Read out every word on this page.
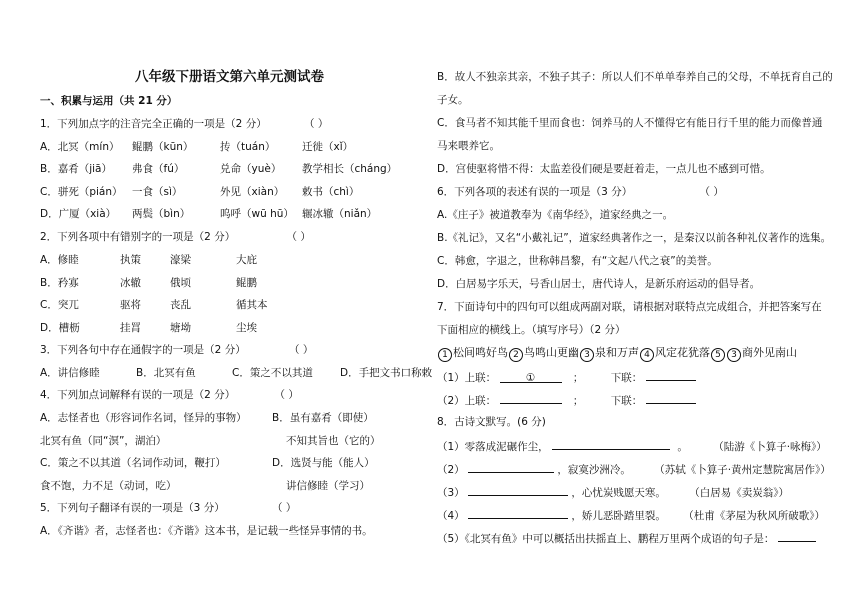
八年级下册语文第六单元测试卷
一、积累与运用（共 21 分）
1．下列加点字的注音完全正确的一项是（2 分）	（ ）
A．北冥（mín） 鲲鹏（kūn）	抟（tuán）	迁徙（xǐ）
B．嘉肴（jiā） 弗食（fú）	兑命（yuè） 教学相长（cháng）
C．骈死（pián） 一食（sì）	外见（xiàn） 敕书（chì）
D．广厦（xià） 两鬓（bìn）	呜呼（wū hū） 辗冰辙（niǎn）
2．下列各项中有错别字的一项是（2 分）	（ ）
A．修睦	执策	濠梁	大庇
B．矜寡	冰辙	俄顷	鲲鹏
C．突兀	驱将	丧乱	循其本
D．槽枥	挂罥	塘坳	尘埃
3．下列各句中存在通假字的一项是（2 分）	（ ）
A．讲信修睦	B．北冥有鱼	C．策之不以其道	D．手把文书口称敕
4．下列加点词解释有误的一项是（2 分）	（ ）
A．志怪者也（形容词作名词，怪异的事物） B．虽有嘉肴（即使）
北冥有鱼（同“溟”，湖泊）	不知其旨也（它的）
C．策之不以其道（名词作动词，鞭打）	D．选贤与能（能人）
食不饱，力不足（动词，吃）	讲信修睦（学习）
5．下列句子翻译有误的一项是（3 分）	（ ）
A．《齐谐》者，志怪者也：《齐谐》这本书，是记载一些怪异事情的书。
B．故人不独亲其亲，不独子其子：所以人们不单单奉养自己的父母，不单抚育自己的
子女。
C．食马者不知其能千里而食也：饲养马的人不懂得它有能日行千里的能力而像普通
马来喂养它。
D．宫使驱将惜不得：太监差役们硬是要赶着走，一点儿也不感到可惜。
6．下列各项的表述有误的一项是（3 分）	（ ）
A.《庄子》被道教奉为《南华经》，道家经典之一。
B.《礼记》，又名“小戴礼记”，道家经典著作之一，是秦汉以前各种礼仪著作的选集。
C．韩愈，字退之，世称韩昌黎，有“文起八代之衰”的美誉。
D．白居易字乐天，号香山居士，唐代诗人，是新乐府运动的倡导者。
7．下面诗句中的四句可以组成两副对联，请根据对联特点完成组合，并把答案写在
下面相应的横线上。（填写序号）（2 分）
1 松间鸣好鸟 2 鸟鸣山更幽 3 泉和万声 4 风定花犹落 5 3 商外见南山
（1）上联：	①	；	下联：
（2）上联：	；	下联：
8．古诗文默写。(6 分)
（1）零落成泥碾作尘，	。 （陆游《卜算子·咏梅》）
（2）	，寂寞沙洲冷。 （苏轼《卜算子·黄州定慧院寓居作》）
（3）	，心忧炭贱愿天寒。 （白居易《卖炭翁》）
（4）	，娇儿恶卧踏里裂。 （杜甫《茅屋为秋风所破歌》）
（5）《北冥有鱼》中可以概括出扶摇直上、鹏程万里两个成语的句子是：
